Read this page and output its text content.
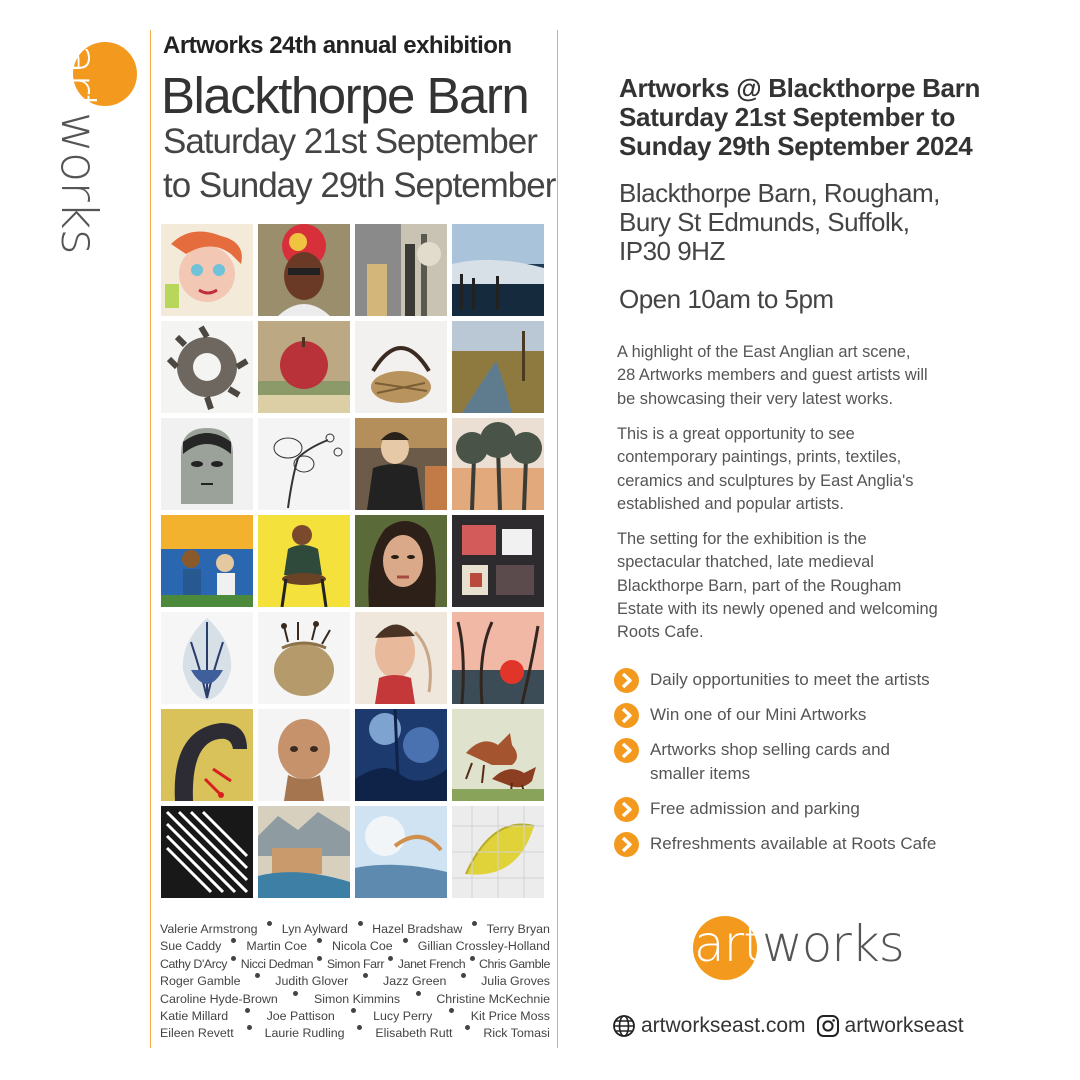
artworks
Artworks 24th annual exhibition
Blackthorpe Barn
Saturday 21st September
to Sunday 29th September
Valerie Armstrong Lyn Aylward Hazel Bradshaw Terry Bryan
Sue Caddy Martin Coe Nicola Coe Gillian Crossley-Holland
Cathy D'Arcy Nicci Dedman Simon Farr Janet French Chris Gamble
Roger Gamble	Judith Glover	Jazz Green	Julia Groves
Caroline Hyde-Brown	Simon Kimmins	Christine McKechnie
Katie Millard	Joe Pattison	Lucy Perry	Kit Price Moss
Eileen Revett Laurie Rudling Elisabeth Rutt Rick Tomasi
Artworks @ Blackthorpe Barn
Saturday 21st September to
Sunday 29th September 2024
Blackthorpe Barn, Rougham,
Bury St Edmunds, Suffolk,
IP30 9HZ
Open 10am to 5pm
A highlight of the East Anglian art scene,
28 Artworks members and guest artists will
be showcasing their very latest works.
This is a great opportunity to see
contemporary paintings, prints, textiles,
ceramics and sculptures by East Anglia's
established and popular artists.
The setting for the exhibition is the
spectacular thatched, late medieval
Blackthorpe Barn, part of the Rougham
Estate with its newly opened and welcoming
Roots Cafe.
Daily opportunities to meet the artists
Win one of our Mini Artworks
Artworks shop selling cards and
smaller items
Free admission and parking
Refreshments available at Roots Cafe
artworks
artworkseast.com artworkseast
